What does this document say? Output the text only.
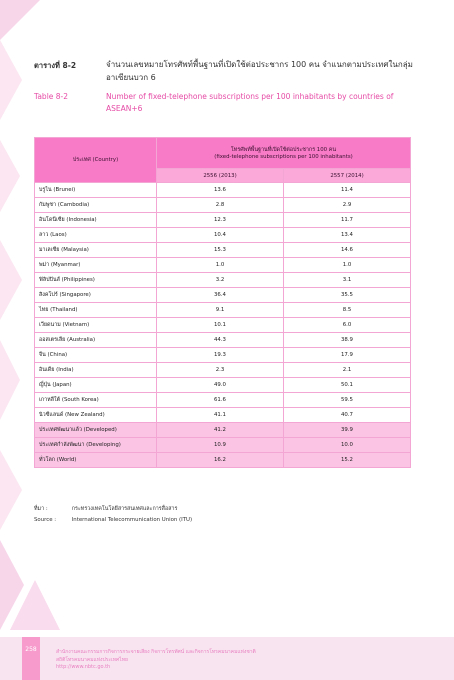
ตารางที่ 8-2	จำนวนเลขหมายโทรศัพท์พื้นฐานที่เปิดใช้ต่อประชากร 100 คน จำแนกตามประเทศในกลุ่มอาเซียนบวก 6
Table 8-2	Number of fixed-telephone subscriptions per 100 inhabitants by countries of ASEAN+6
ประเทศ (Country)	โทรศัพท์พื้นฐานที่เปิดใช้ต่อประชากร 100 คน
(fixed-telephone subscriptions per 100 inhabitants)	

	2556 (2013)	2557 (2014)
บรูไน (Brunei)	13.6	11.4
กัมพูชา (Cambodia)	2.8	2.9
อินโดนีเซีย (Indonesia)	12.3	11.7
ลาว (Laos)	10.4	13.4
มาเลเซีย (Malaysia)	15.3	14.6
พม่า (Myanmar)	1.0	1.0
ฟิลิปปินส์ (Philippines)	3.2	3.1
สิงคโปร์ (Singapore)	36.4	35.5
ไทย (Thailand)	9.1	8.5
เวียดนาม (Vietnam)	10.1	6.0
ออสเตรเลีย (Australia)	44.3	38.9
จีน (China)	19.3	17.9
อินเดีย (India)	2.3	2.1
ญี่ปุ่น (Japan)	49.0	50.1
เกาหลีใต้ (South Korea)	61.6	59.5
นิวซีแลนด์ (New Zealand)	41.1	40.7
ประเทศพัฒนาแล้ว (Developed)	41.2	39.9
ประเทศกำลังพัฒนา (Developing)	10.9	10.0
ทั่วโลก (World)	16.2	15.2
ที่มา :	กระทรวงเทคโนโลยีสารสนเทศและการสื่อสาร
Source :	International Telecommunication Union (ITU)
258	สำนักงานคณะกรรมการกิจการกระจายเสียง กิจการโทรทัศน์ และกิจการโทรคมนาคมแห่งชาติ
สถิติโทรคมนาคมแห่งประเทศไทย
http://www.nbtc.go.th
